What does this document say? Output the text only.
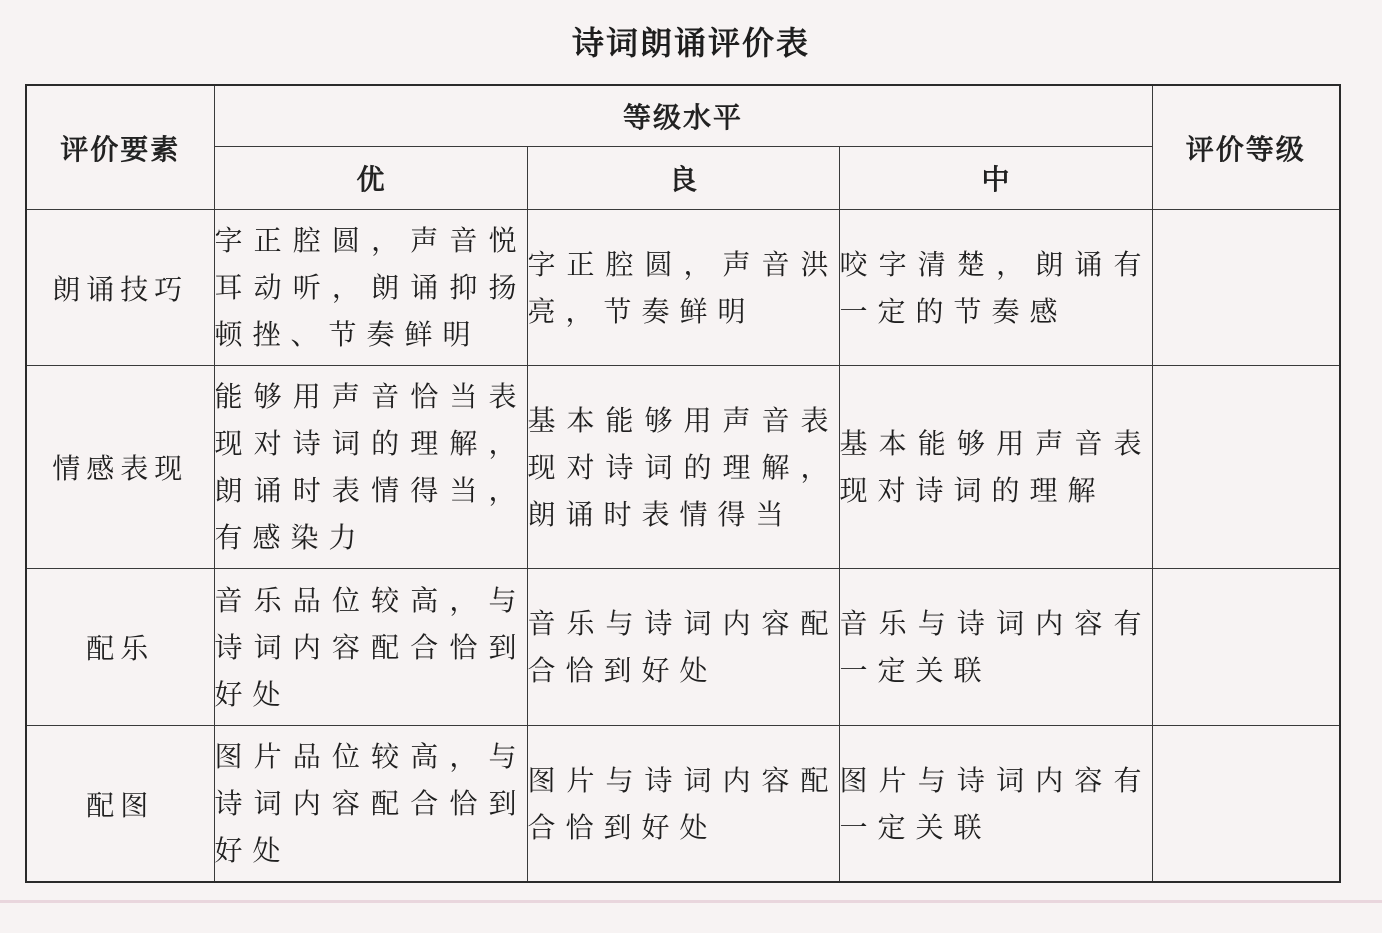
诗词朗诵评价表
评价要素	等级水平			评价等级
	优	良	中	
朗诵技巧	字正腔圆，声音悦耳动听，朗诵抑扬顿挫、节奏鲜明	字正腔圆，声音洪亮，节奏鲜明	咬字清楚，朗诵有一定的节奏感	
情感表现	能够用声音恰当表现对诗词的理解，朗诵时表情得当，有感染力	基本能够用声音表现对诗词的理解，朗诵时表情得当	基本能够用声音表现对诗词的理解	
配乐	音乐品位较高，与诗词内容配合恰到好处	音乐与诗词内容配合恰到好处	音乐与诗词内容有一定关联	
配图	图片品位较高，与诗词内容配合恰到好处	图片与诗词内容配合恰到好处	图片与诗词内容有一定关联	
